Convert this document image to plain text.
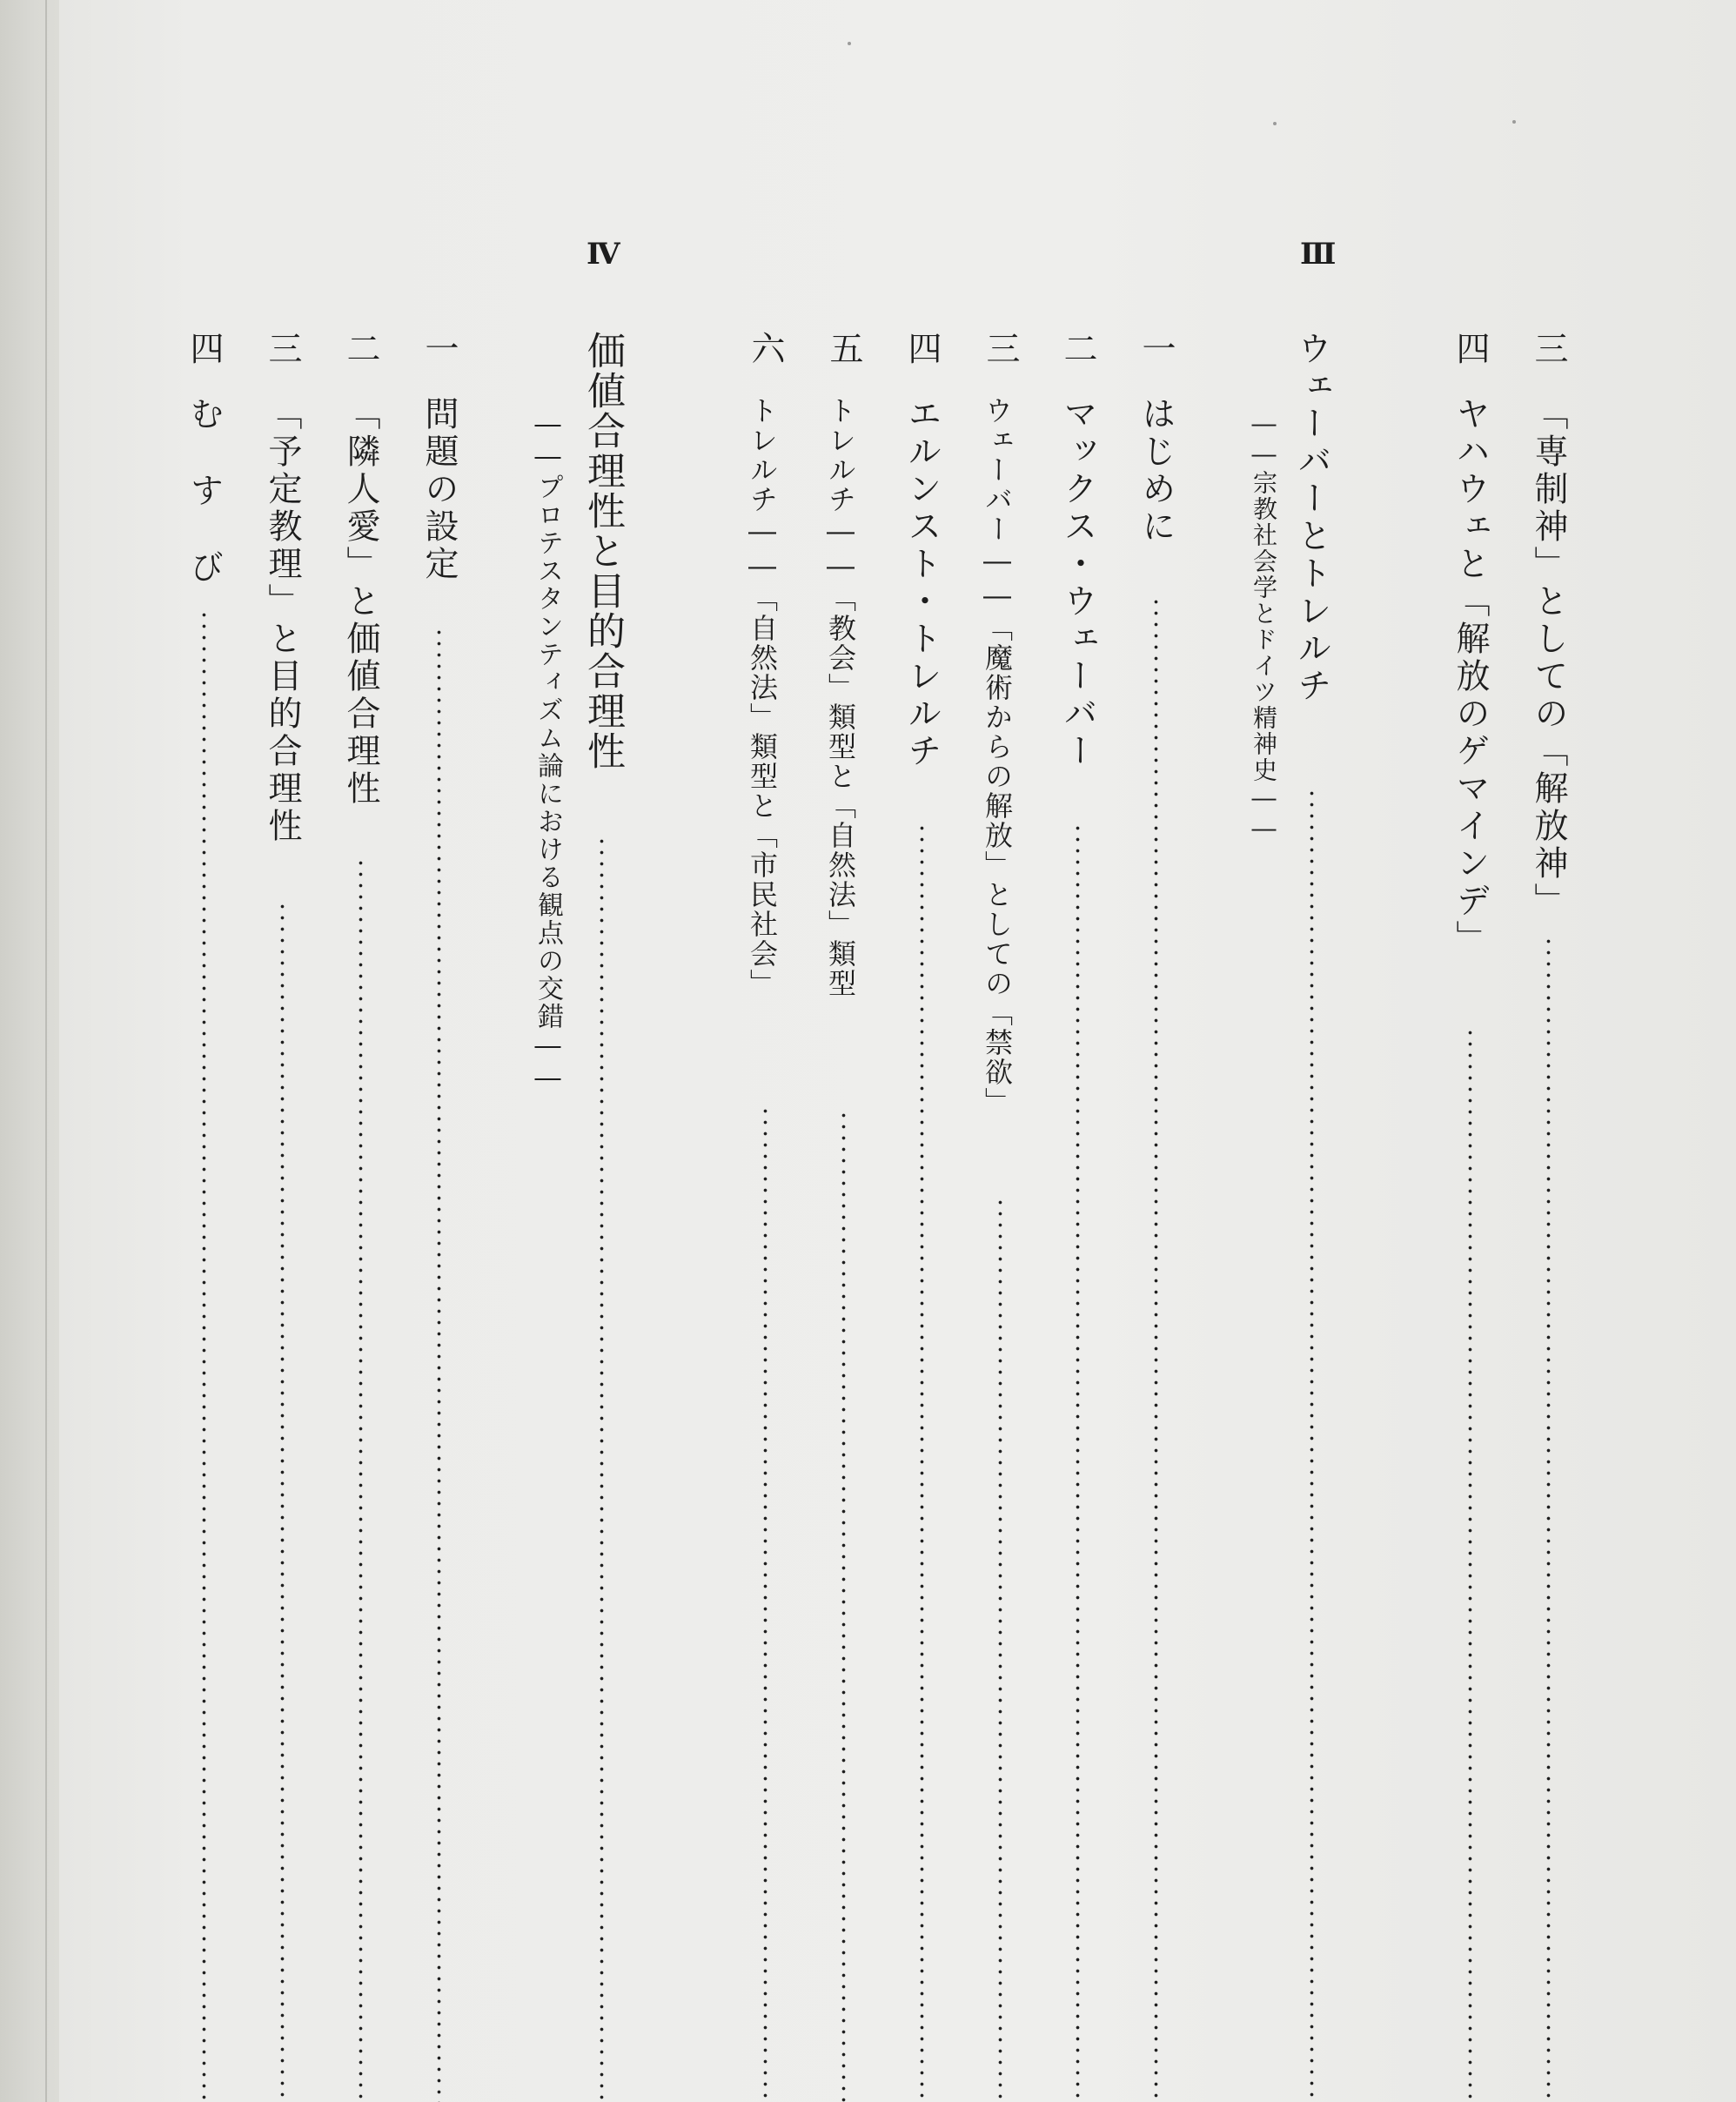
三
「専制神」としての「解放神」
四
ヤハウェと「解放のゲマインデ」
Ⅲ
ウェーバーとトレルチ
――宗教社会学とドイツ精神史――
一
はじめに
二
マックス・ウェーバー
三
ウェーバー――「魔術からの解放」としての「禁欲」
四
エルンスト・トレルチ
五
トレルチ――「教会」類型と「自然法」類型
六
トレルチ――「自然法」類型と「市民社会」
Ⅳ
価値合理性と目的合理性
――プロテスタンティズム論における観点の交錯――
一
問題の設定
二
「隣人愛」と価値合理性
三
「予定教理」と目的合理性
四
む す び
